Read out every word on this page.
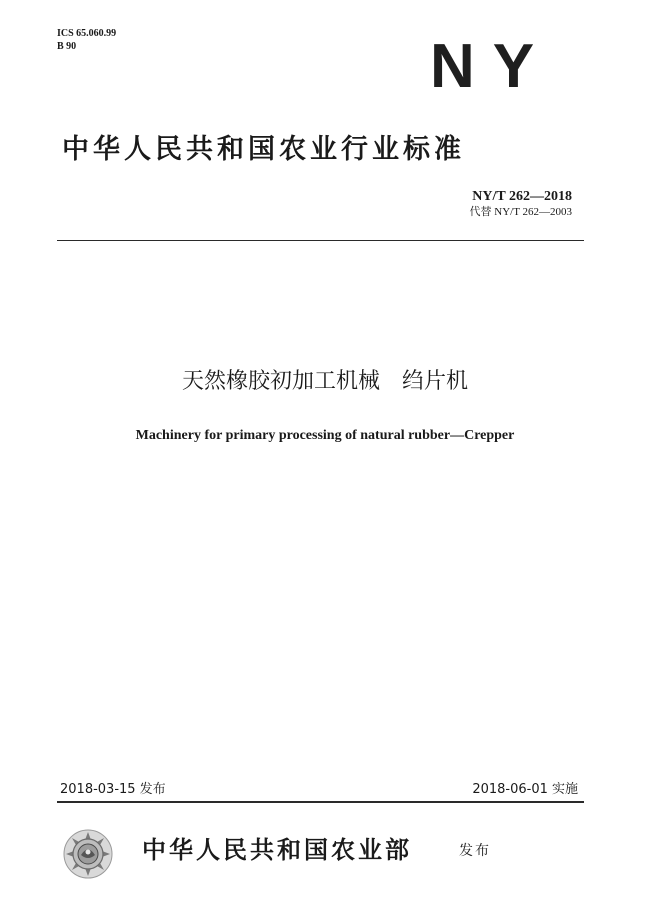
ICS 65.060.99
B 90	NY
中华人民共和国农业行业标准
NY/T 262—2018
代替 NY/T 262—2003
天然橡胶初加工机械　绉片机
Machinery for primary processing of natural rubber—Crepper
2018-03-15 发布	2018-06-01 实施
中华人民共和国农业部	发布
